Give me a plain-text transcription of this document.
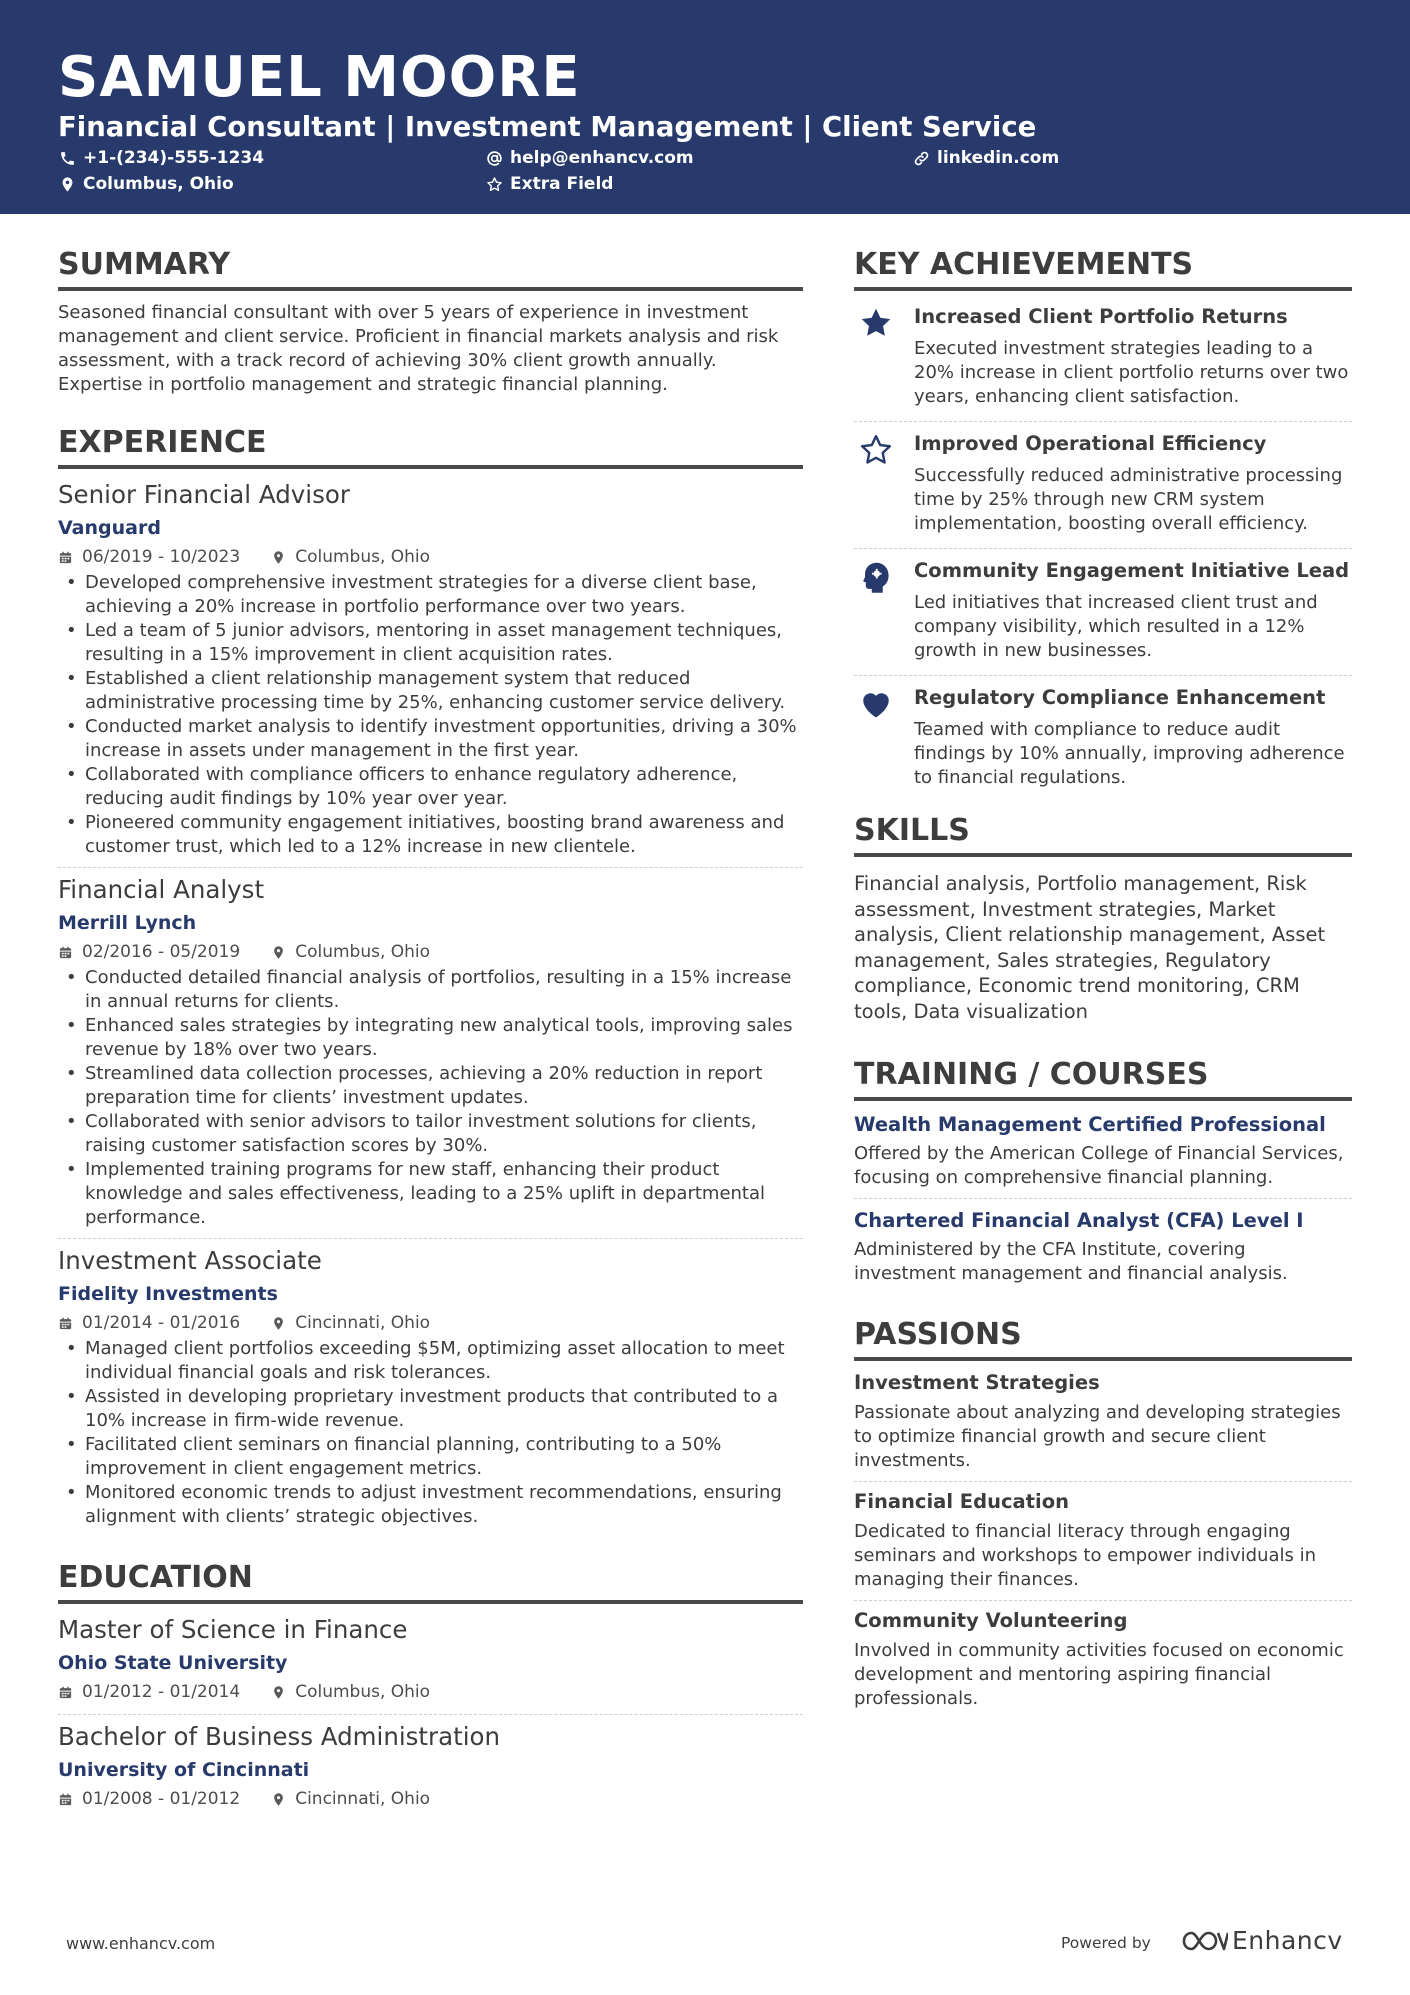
SAMUEL MOORE
Financial Consultant | Investment Management | Client Service
+1-(234)-555-1234	help@enhancv.com	linkedin.com
Columbus, Ohio	Extra Field
SUMMARY
Seasoned financial consultant with over 5 years of experience in investment management and client service. Proficient in financial markets analysis and risk assessment, with a track record of achieving 30% client growth annually. Expertise in portfolio management and strategic financial planning.
EXPERIENCE
Senior Financial Advisor
Vanguard
06/2019 - 10/2023	Columbus, Ohio
• Developed comprehensive investment strategies for a diverse client base, achieving a 20% increase in portfolio performance over two years.
• Led a team of 5 junior advisors, mentoring in asset management techniques, resulting in a 15% improvement in client acquisition rates.
• Established a client relationship management system that reduced administrative processing time by 25%, enhancing customer service delivery.
• Conducted market analysis to identify investment opportunities, driving a 30% increase in assets under management in the first year.
• Collaborated with compliance officers to enhance regulatory adherence, reducing audit findings by 10% year over year.
• Pioneered community engagement initiatives, boosting brand awareness and customer trust, which led to a 12% increase in new clientele.
Financial Analyst
Merrill Lynch
02/2016 - 05/2019	Columbus, Ohio
• Conducted detailed financial analysis of portfolios, resulting in a 15% increase in annual returns for clients.
• Enhanced sales strategies by integrating new analytical tools, improving sales revenue by 18% over two years.
• Streamlined data collection processes, achieving a 20% reduction in report preparation time for clients’ investment updates.
• Collaborated with senior advisors to tailor investment solutions for clients, raising customer satisfaction scores by 30%.
• Implemented training programs for new staff, enhancing their product knowledge and sales effectiveness, leading to a 25% uplift in departmental performance.
Investment Associate
Fidelity Investments
01/2014 - 01/2016	Cincinnati, Ohio
• Managed client portfolios exceeding $5M, optimizing asset allocation to meet individual financial goals and risk tolerances.
• Assisted in developing proprietary investment products that contributed to a 10% increase in firm-wide revenue.
• Facilitated client seminars on financial planning, contributing to a 50% improvement in client engagement metrics.
• Monitored economic trends to adjust investment recommendations, ensuring alignment with clients’ strategic objectives.
EDUCATION
Master of Science in Finance
Ohio State University
01/2012 - 01/2014	Columbus, Ohio
Bachelor of Business Administration
University of Cincinnati
01/2008 - 01/2012	Cincinnati, Ohio
KEY ACHIEVEMENTS
Increased Client Portfolio Returns
Executed investment strategies leading to a 20% increase in client portfolio returns over two years, enhancing client satisfaction.
Improved Operational Efficiency
Successfully reduced administrative processing time by 25% through new CRM system implementation, boosting overall efficiency.
Community Engagement Initiative Lead
Led initiatives that increased client trust and company visibility, which resulted in a 12% growth in new businesses.
Regulatory Compliance Enhancement
Teamed with compliance to reduce audit findings by 10% annually, improving adherence to financial regulations.
SKILLS
Financial analysis, Portfolio management, Risk assessment, Investment strategies, Market analysis, Client relationship management, Asset management, Sales strategies, Regulatory compliance, Economic trend monitoring, CRM tools, Data visualization
TRAINING / COURSES
Wealth Management Certified Professional
Offered by the American College of Financial Services, focusing on comprehensive financial planning.
Chartered Financial Analyst (CFA) Level I
Administered by the CFA Institute, covering investment management and financial analysis.
PASSIONS
Investment Strategies
Passionate about analyzing and developing strategies to optimize financial growth and secure client investments.
Financial Education
Dedicated to financial literacy through engaging seminars and workshops to empower individuals in managing their finances.
Community Volunteering
Involved in community activities focused on economic development and mentoring aspiring financial professionals.
www.enhancv.com	Powered by	Enhancv
